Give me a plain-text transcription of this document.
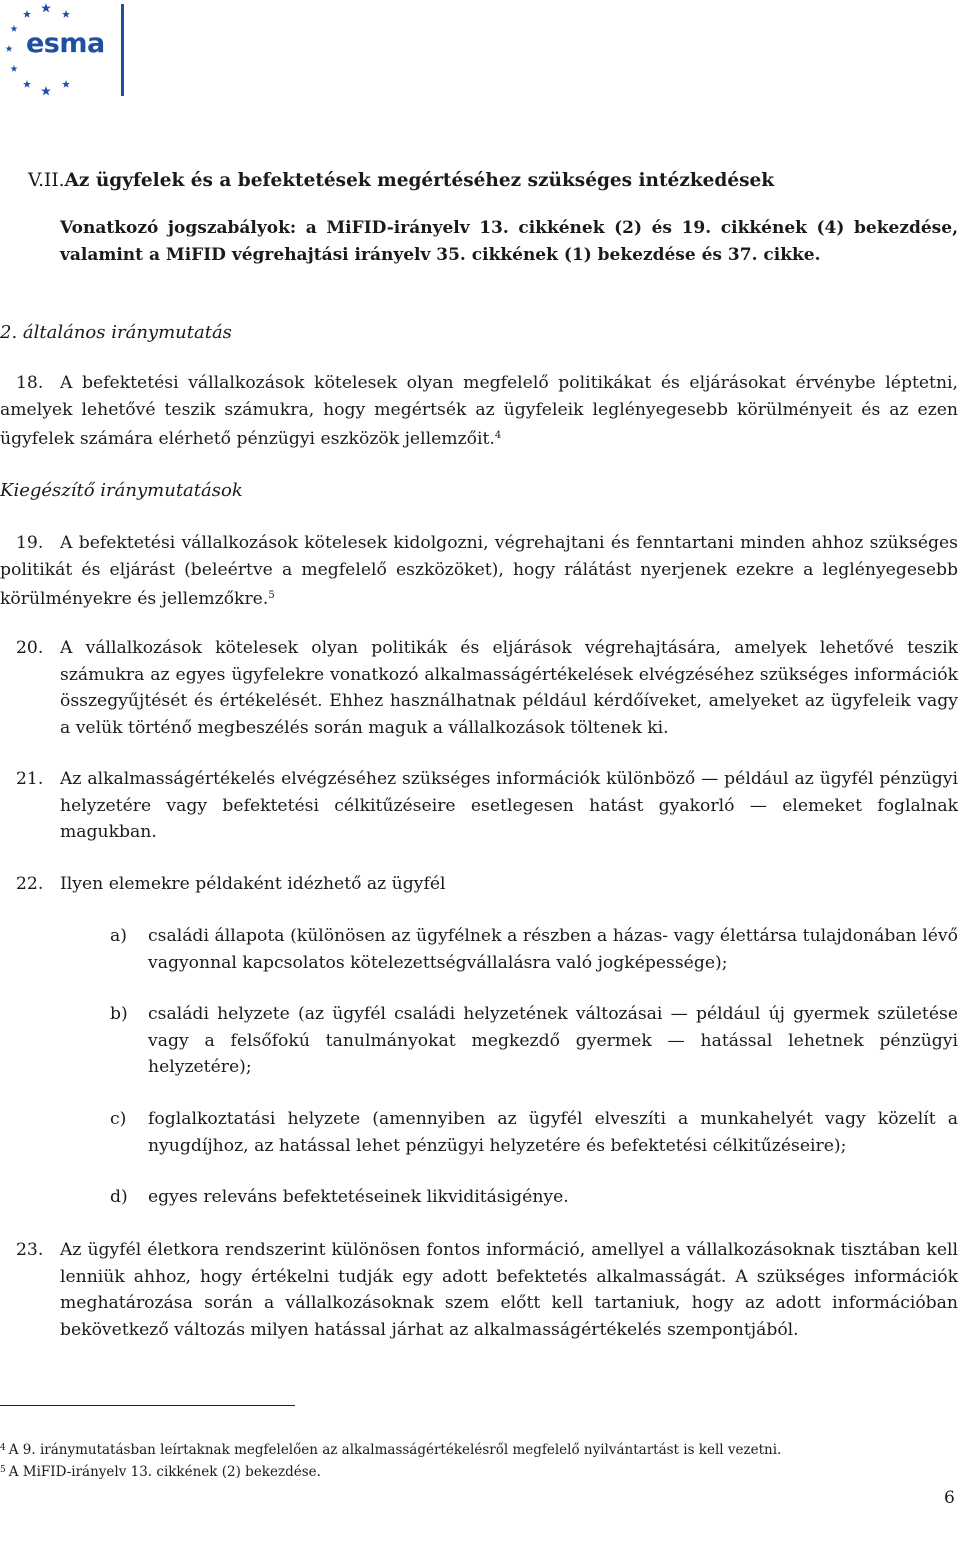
esma
V.II.Az ügyfelek és a befektetések megértéséhez szükséges intézkedések
Vonatkozó jogszabályok: a MiFID-irányelv 13. cikkének (2) és 19. cikkének (4) bekezdése, valamint a MiFID végrehajtási irányelv 35. cikkének (1) bekezdése és 37. cikke.
2. általános iránymutatás
18. A befektetési vállalkozások kötelesek olyan megfelelő politikákat és eljárásokat érvénybe léptetni, amelyek lehetővé teszik számukra, hogy megértsék az ügyfeleik leglényegesebb körülményeit és az ezen ügyfelek számára elérhető pénzügyi eszközök jellemzőit.$^4$
Kiegészítő iránymutatások
19. A befektetési vállalkozások kötelesek kidolgozni, végrehajtani és fenntartani minden ahhoz szükséges politikát és eljárást (beleértve a megfelelő eszközöket), hogy rálátást nyerjenek ezekre a leglényegesebb körülményekre és jellemzőkre.$^5$
20. A vállalkozások kötelesek olyan politikák és eljárások végrehajtására, amelyek lehetővé teszik számukra az egyes ügyfelekre vonatkozó alkalmasságértékelések elvégzéséhez szükséges információk összegyűjtését és értékelését. Ehhez használhatnak például kérdőíveket, amelyeket az ügyfeleik vagy a velük történő megbeszélés során maguk a vállalkozások töltenek ki.
21. Az alkalmasságértékelés elvégzéséhez szükséges információk különböző — például az ügyfél pénzügyi helyzetére vagy befektetési célkitűzéseire esetlegesen hatást gyakorló — elemeket foglalnak magukban.
22. Ilyen elemekre példaként idézhető az ügyfél
a) családi állapota (különösen az ügyfélnek a részben a házas- vagy élettársa tulajdonában lévő vagyonnal kapcsolatos kötelezettségvállalásra való jogképessége);
b) családi helyzete (az ügyfél családi helyzetének változásai — például új gyermek születése vagy a felsőfokú tanulmányokat megkezdő gyermek — hatással lehetnek pénzügyi helyzetére);
c) foglalkoztatási helyzete (amennyiben az ügyfél elveszíti a munkahelyét vagy közelít a nyugdíjhoz, az hatással lehet pénzügyi helyzetére és befektetési célkitűzéseire);
d) egyes releváns befektetéseinek likviditásigénye.
23. Az ügyfél életkora rendszerint különösen fontos információ, amellyel a vállalkozásoknak tisztában kell lenniük ahhoz, hogy értékelni tudják egy adott befektetés alkalmasságát. A szükséges információk meghatározása során a vállalkozásoknak szem előtt kell tartaniuk, hogy az adott információban bekövetkező változás milyen hatással járhat az alkalmasságértékelés szempontjából.
$^4$ A 9. iránymutatásban leírtaknak megfelelően az alkalmasságértékelésről megfelelő nyilvántartást is kell vezetni.
$^5$ A MiFID-irányelv 13. cikkének (2) bekezdése.
6
